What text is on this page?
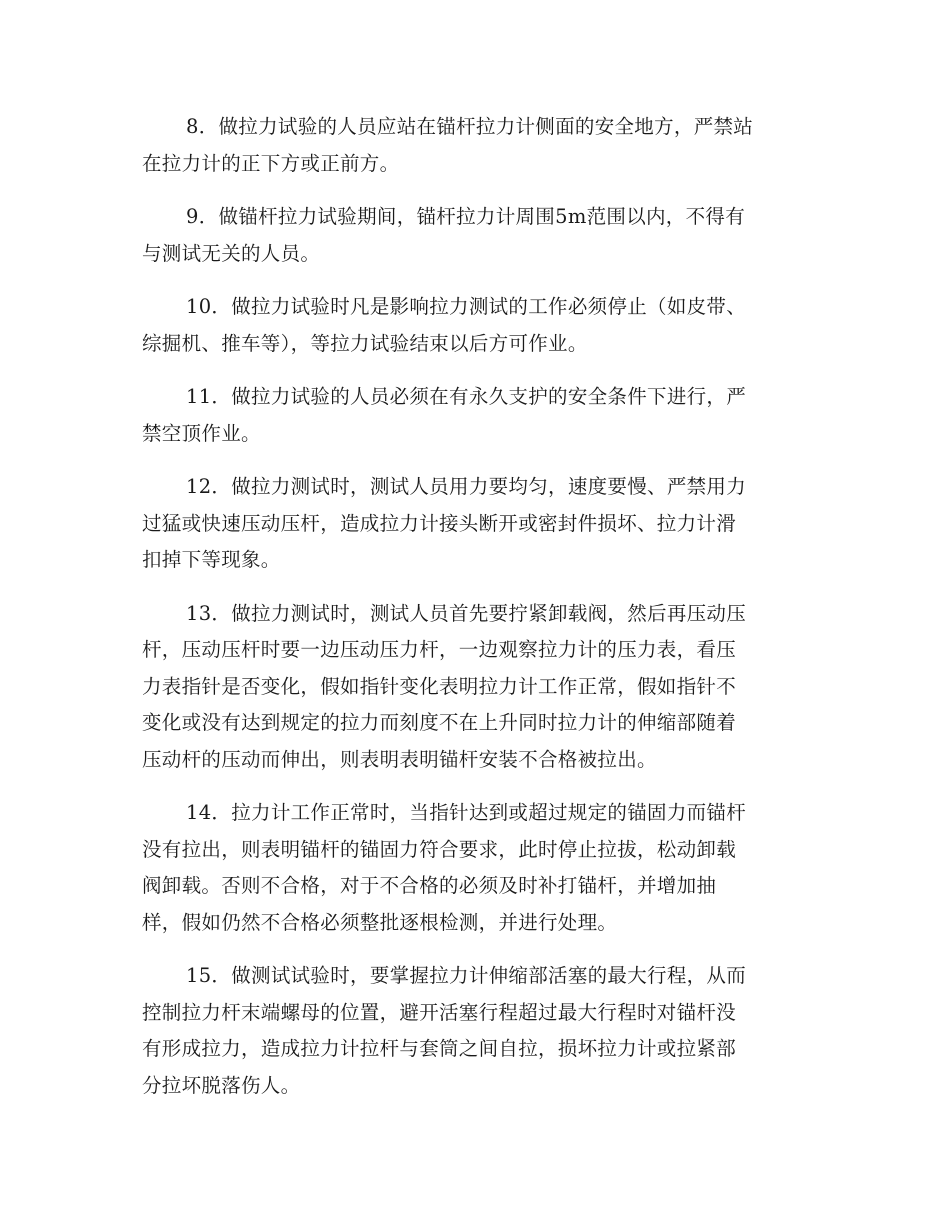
8．做拉力试验的人员应站在锚杆拉力计侧面的安全地方，严禁站
在拉力计的正下方或正前方。

9．做锚杆拉力试验期间，锚杆拉力计周围5m范围以内，不得有
与测试无关的人员。

10．做拉力试验时凡是影响拉力测试的工作必须停止（如皮带、
综掘机、推车等），等拉力试验结束以后方可作业。

11．做拉力试验的人员必须在有永久支护的安全条件下进行，严
禁空顶作业。

12．做拉力测试时，测试人员用力要均匀，速度要慢、严禁用力
过猛或快速压动压杆，造成拉力计接头断开或密封件损坏、拉力计滑
扣掉下等现象。

13．做拉力测试时，测试人员首先要拧紧卸载阀，然后再压动压
杆，压动压杆时要一边压动压力杆，一边观察拉力计的压力表，看压
力表指针是否变化，假如指针变化表明拉力计工作正常，假如指针不
变化或没有达到规定的拉力而刻度不在上升同时拉力计的伸缩部随着
压动杆的压动而伸出，则表明表明锚杆安装不合格被拉出。

14．拉力计工作正常时，当指针达到或超过规定的锚固力而锚杆
没有拉出，则表明锚杆的锚固力符合要求，此时停止拉拔，松动卸载
阀卸载。否则不合格，对于不合格的必须及时补打锚杆，并增加抽
样，假如仍然不合格必须整批逐根检测，并进行处理。

15．做测试试验时，要掌握拉力计伸缩部活塞的最大行程，从而
控制拉力杆末端螺母的位置，避开活塞行程超过最大行程时对锚杆没
有形成拉力，造成拉力计拉杆与套筒之间自拉，损坏拉力计或拉紧部
分拉坏脱落伤人。
